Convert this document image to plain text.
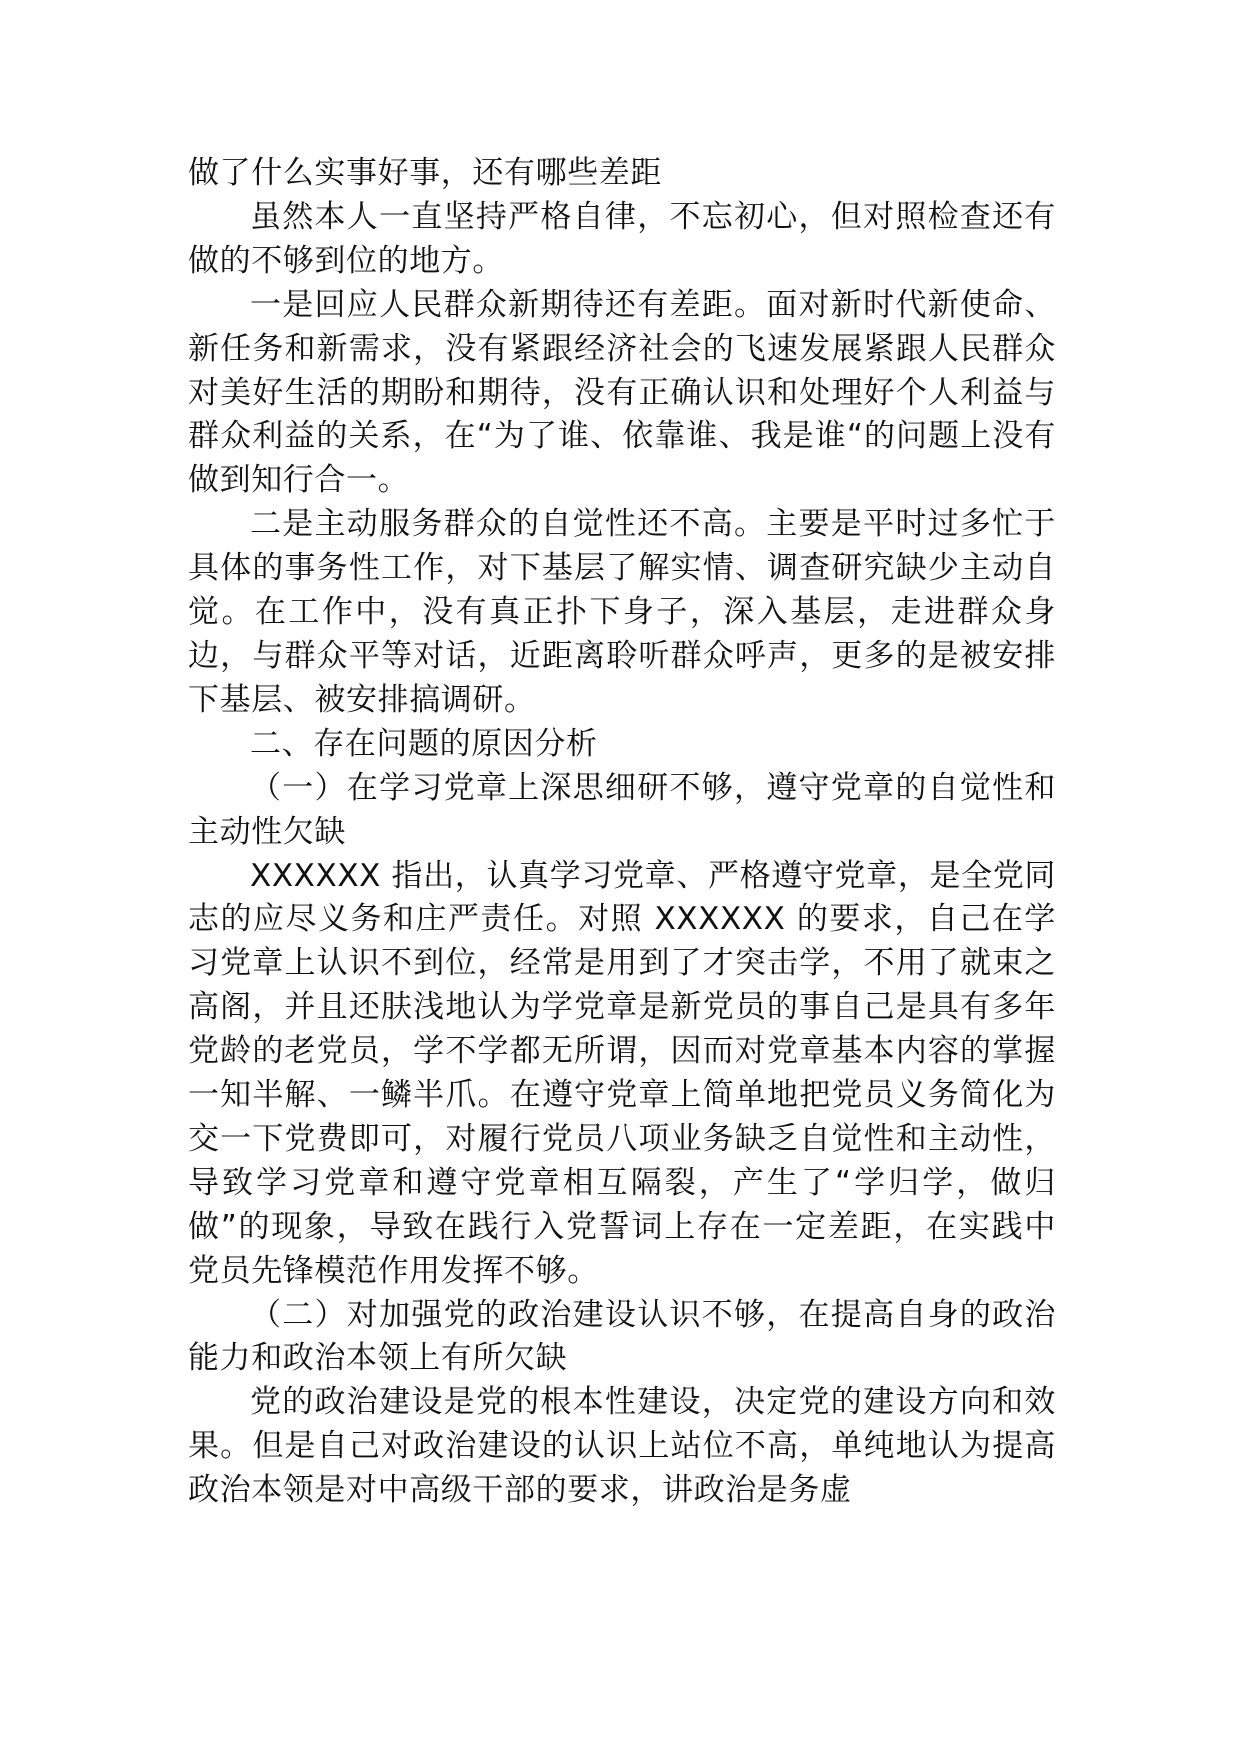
做了什么实事好事，还有哪些差距

虽然本人一直坚持严格自律，不忘初心，但对照检查还有做的不够到位的地方。

一是回应人民群众新期待还有差距。面对新时代新使命、新任务和新需求，没有紧跟经济社会的飞速发展紧跟人民群众对美好生活的期盼和期待，没有正确认识和处理好个人利益与群众利益的关系，在“为了谁、依靠谁、我是谁“的问题上没有做到知行合一。

二是主动服务群众的自觉性还不高。主要是平时过多忙于具体的事务性工作，对下基层了解实情、调查研究缺少主动自觉。在工作中，没有真正扑下身子，深入基层，走进群众身边，与群众平等对话，近距离聆听群众呼声，更多的是被安排下基层、被安排搞调研。

二、存在问题的原因分析

（一）在学习党章上深思细研不够，遵守党章的自觉性和主动性欠缺

XXXXXX 指出，认真学习党章、严格遵守党章，是全党同志的应尽义务和庄严责任。对照 XXXXXX 的要求，自己在学习党章上认识不到位，经常是用到了才突击学，不用了就束之高阁，并且还肤浅地认为学党章是新党员的事自己是具有多年党龄的老党员，学不学都无所谓，因而对党章基本内容的掌握一知半解、一鳞半爪。在遵守党章上简单地把党员义务简化为交一下党费即可，对履行党员八项业务缺乏自觉性和主动性，导致学习党章和遵守党章相互隔裂，产生了“学归学，做归做”的现象，导致在践行入党誓词上存在一定差距，在实践中党员先锋模范作用发挥不够。

（二）对加强党的政治建设认识不够，在提高自身的政治能力和政治本领上有所欠缺

党的政治建设是党的根本性建设，决定党的建设方向和效果。但是自己对政治建设的认识上站位不高，单纯地认为提高政治本领是对中高级干部的要求，讲政治是务虚
